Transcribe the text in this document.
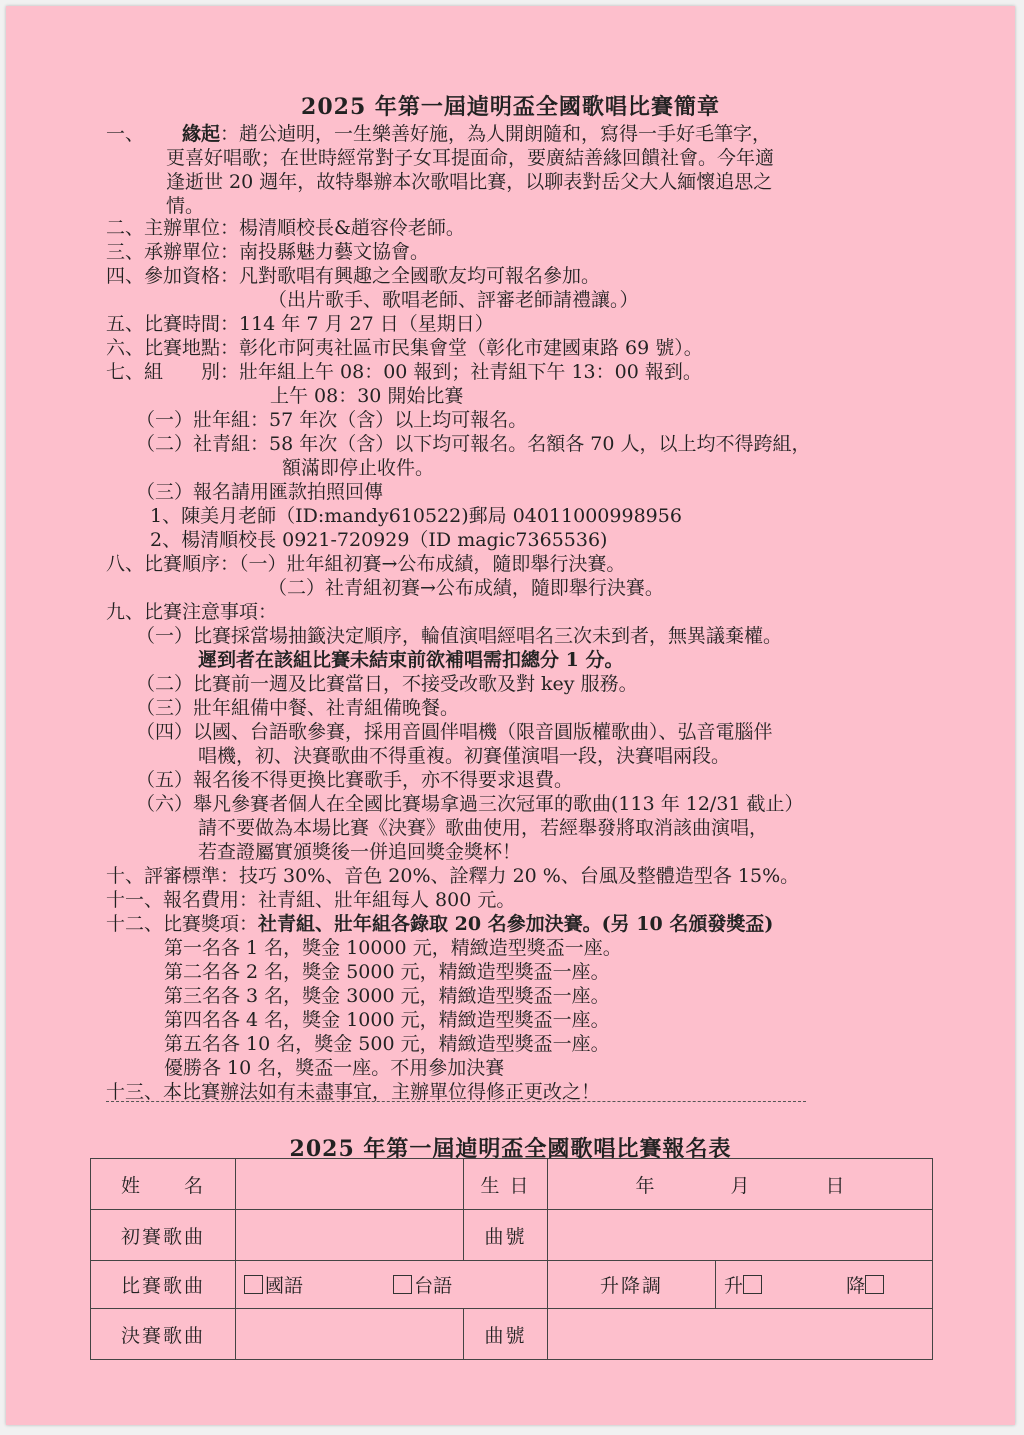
2025 年第一屆逌明盃全國歌唱比賽簡章
一、 緣起：趙公逌明，一生樂善好施，為人開朗隨和，寫得一手好毛筆字，
更喜好唱歌；在世時經常對子女耳提面命，要廣結善緣回饋社會。今年適
逢逝世 20 週年，故特舉辦本次歌唱比賽，以聊表對岳父大人緬懷追思之
情。
二、主辦單位：楊清順校長&趙容伶老師。
三、承辦單位：南投縣魅力藝文協會。
四、參加資格：凡對歌唱有興趣之全國歌友均可報名參加。
（出片歌手、歌唱老師、評審老師請禮讓。）
五、比賽時間：114 年 7 月 27 日（星期日）
六、比賽地點：彰化市阿夷社區市民集會堂（彰化市建國東路 69 號）。
七、組　　別：壯年組上午 08：00 報到；社青組下午 13：00 報到。
上午 08：30 開始比賽
（一）壯年組：57 年次（含）以上均可報名。
（二）社青組：58 年次（含）以下均可報名。名額各 70 人，以上均不得跨組，
額滿即停止收件。
（三）報名請用匯款拍照回傳
1、陳美月老師（ID:mandy610522)郵局 04011000998956
2、楊清順校長 0921-720929（ID magic7365536)
八、比賽順序：（一）壯年組初賽→公布成績，隨即舉行決賽。
（二）社青組初賽→公布成績，隨即舉行決賽。
九、比賽注意事項：
（一）比賽採當場抽籤決定順序，輪值演唱經唱名三次未到者，無異議棄權。
遲到者在該組比賽未結束前欲補唱需扣總分 1 分。
（二）比賽前一週及比賽當日，不接受改歌及對 key 服務。
（三）壯年組備中餐、社青組備晚餐。
（四）以國、台語歌參賽，採用音圓伴唱機（限音圓版權歌曲）、弘音電腦伴
唱機，初、決賽歌曲不得重複。初賽僅演唱一段，決賽唱兩段。
（五）報名後不得更換比賽歌手，亦不得要求退費。
（六）舉凡參賽者個人在全國比賽場拿過三次冠軍的歌曲(113 年 12/31 截止）
請不要做為本場比賽《決賽》歌曲使用，若經舉發將取消該曲演唱，
若查證屬實頒獎後一併追回獎金獎杯！
十、評審標準：技巧 30%、音色 20%、詮釋力 20 %、台風及整體造型各 15%。
十一、報名費用：社青組、壯年組每人 800 元。
十二、比賽獎項：社青組、壯年組各錄取 20 名參加決賽。(另 10 名頒發獎盃)
第一名各 1 名，獎金 10000 元，精緻造型獎盃一座。
第二名各 2 名，獎金 5000 元，精緻造型獎盃一座。
第三名各 3 名，獎金 3000 元，精緻造型獎盃一座。
第四名各 4 名，獎金 1000 元，精緻造型獎盃一座。
第五名各 10 名，獎金 500 元，精緻造型獎盃一座。
優勝各 10 名，獎盃一座。不用參加決賽
十三、本比賽辦法如有未盡事宜，主辦單位得修正更改之！
2025 年第一屆逌明盃全國歌唱比賽報名表
姓　　名		生 日	年　　　　月　　　　日	
初賽歌曲		曲號		
比賽歌曲	國語 台語		升降調	升 降
決賽歌曲		曲號		
